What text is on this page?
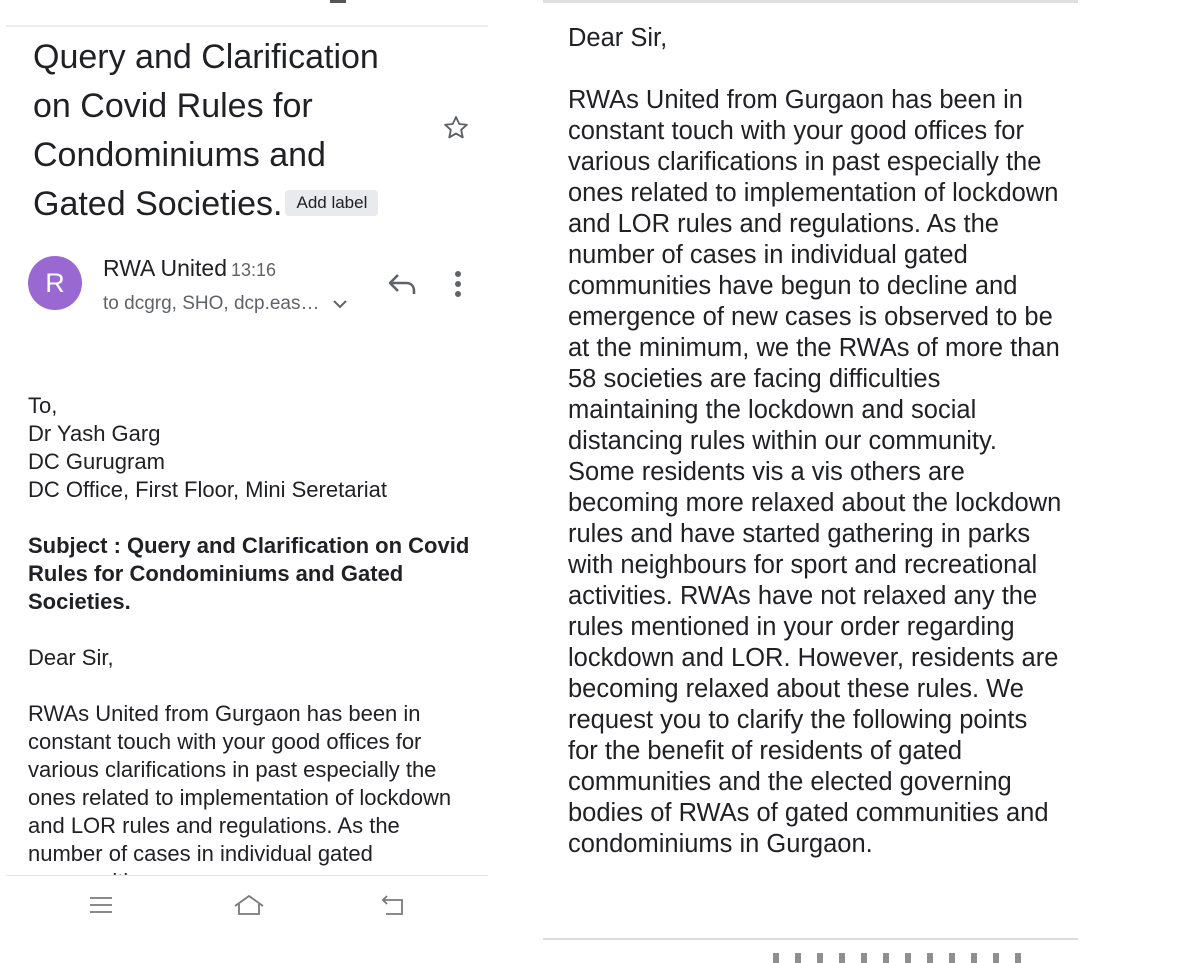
Query and Clarification on Covid Rules for Condominiums and Gated Societies. Add label
R	RWA United 13:16
to dcgrg, SHO, dcp.eas…

To,

Dr Yash Garg

DC Gurugram

DC Office, First Floor, Mini Seretariat

Subject : Query and Clarification on Covid Rules for Condominiums and Gated Societies.

Dear Sir,

RWAs United from Gurgaon has been in constant touch with your good offices for various clarifications in past especially the ones related to implementation of lockdown and LOR rules and regulations. As the number of cases in individual gated

Dear Sir,

RWAs United from Gurgaon has been in constant touch with your good offices for various clarifications in past especially the ones related to implementation of lockdown and LOR rules and regulations. As the number of cases in individual gated communities have begun to decline and emergence of new cases is observed to be at the minimum, we the RWAs of more than 58 societies are facing difficulties maintaining the lockdown and social distancing rules within our community. Some residents vis a vis others are becoming more relaxed about the lockdown rules and have started gathering in parks with neighbours for sport and recreational activities. RWAs have not relaxed any the rules mentioned in your order regarding lockdown and LOR. However, residents are becoming relaxed about these rules. We request you to clarify the following points for the benefit of residents of gated communities and the elected governing bodies of RWAs of gated communities and condominiums in Gurgaon.
